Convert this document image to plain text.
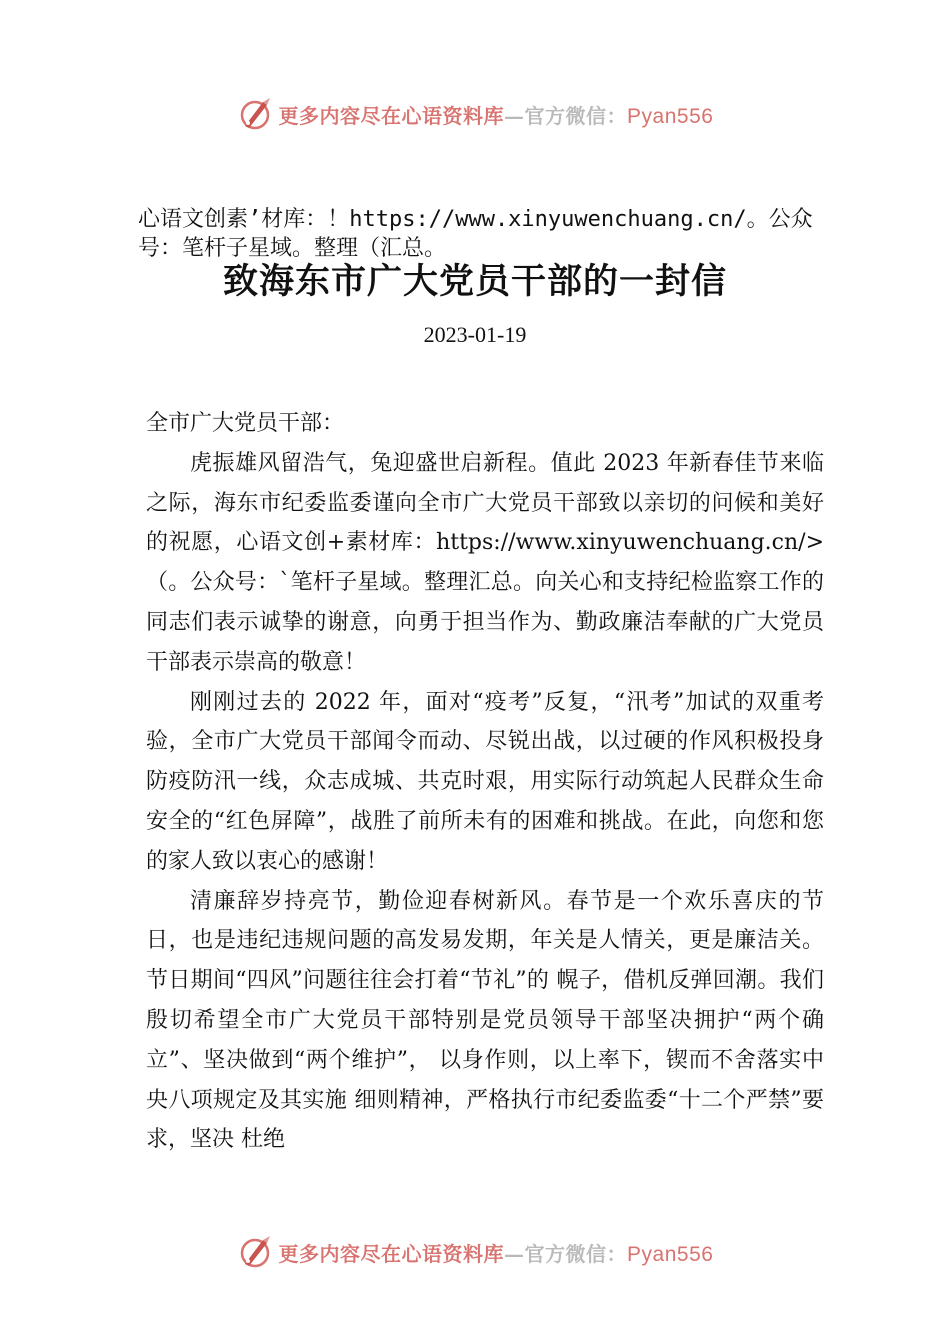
更多内容尽在心语资料库—官方微信：Pyan556
心语文创素’材库：！https://www.xinyuwenchuang.cn/。公众号：笔杆子星域。整理（汇总。
致海东市广大党员干部的一封信
2023-01-19

全市广大党员干部：

虎振雄风留浩气，兔迎盛世启新程。值此 2023 年新春佳节来临之际，海东市纪委监委谨向全市广大党员干部致以亲切的问候和美好的祝愿，心语文创+素材库：https://www.xinyuwenchuang.cn/>（。公众号：`笔杆子星域。整理汇总。向关心和支持纪检监察工作的同志们表示诚挚的谢意，向勇于担当作为、勤政廉洁奉献的广大党员干部表示崇高的敬意！

刚刚过去的 2022 年，面对“疫考”反复，“汛考”加试的双重考验，全市广大党员干部闻令而动、尽锐出战，以过硬的作风积极投身防疫防汛一线，众志成城、共克时艰，用实际行动筑起人民群众生命安全的“红色屏障”，战胜了前所未有的困难和挑战。在此，向您和您的家人致以衷心的感谢！

清廉辞岁持亮节，勤俭迎春树新风。春节是一个欢乐喜庆的节日，也是违纪违规问题的高发易发期，年关是人情关，更是廉洁关。节日期间“四风”问题往往会打着“节礼”的 幌子，借机反弹回潮。我们殷切希望全市广大党员干部特别是党员领导干部坚决拥护“两个确立”、坚决做到“两个维护”， 以身作则，以上率下，锲而不舍落实中央八项规定及其实施 细则精神，严格执行市纪委监委“十二个严禁”要求，坚决 杜绝

更多内容尽在心语资料库—官方微信：Pyan556
